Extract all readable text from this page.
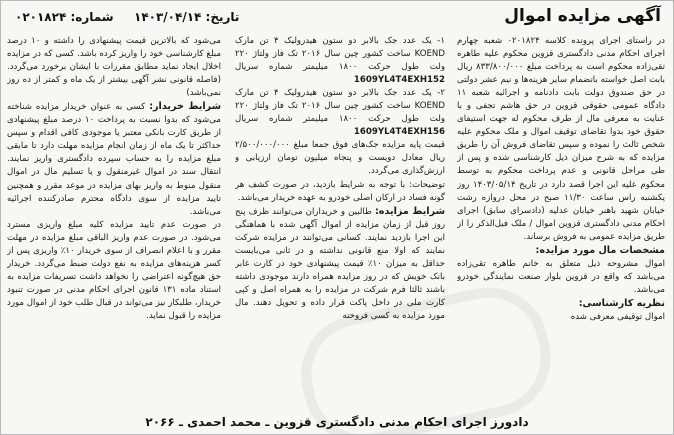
آگهی مزایده اموال
تاریخ: ۱۴۰۳/۰۴/۱۴  شماره: ۰۲۰۱۸۲۴

در راستای اجرای پرونده کلاسه ۰۲۰۱۸۲۴ شعبه چهارم اجرای احکام مدنی دادگستری قزوین محکوم علیه طاهره تقی‌زاده محکوم است به پرداخت مبلغ ۸۳۳/۸۰۰/۰۰۰ ریال بابت اصل خواسته باتضمام سایر هزینه‌ها و نیم عشر دولتی در حق صندوق دولت بابت دادنامه و اجرائیه شعبه ۱۱ دادگاه عمومی حقوقی قزوین در حق هاشم تجفی و با عنایت به معرفی مال از طرف محکوم له جهت استیفای حقوق خود بدوا تقاضای توقیف اموال و ملک محکوم علیه شخص ثالث را نموده و سپس تقاضای فروش آن را طریق مزایده که به شرح میزان ذیل کارشناسی شده و پس از طی مراحل قانونی و عدم پرداخت محکوم به توسط محکوم علیه این اجرا قصد دارد در تاریخ ۱۴۰۳/۰۵/۱۴ روز یکشنبه راس ساعت ۱۱/۳۰ صبح در محل دروازه رشت خیابان شهید باهنر خیابان عدلیه (دادسرای سابق) اجرای احکام مدنی دادگستری قزوین اموال / ملک فیل‌الذکر را از طریق مزایده عمومی به فروش برساند.

مشخصات مال مورد مزایده:

اموال مشروحه ذیل متعلق به خانم طاهره تقی‌زاده می‌باشد که واقع در قزوین بلوار صنعت نمایندگی خودرو می‌باشد.

نظریه کارشناسی:

اموال توقیفی معرفی شده

۱- یک عدد جک بالابر دو ستون هیدرولیک ۴ تن مارک KOEND ساخت کشور چین سال ۲۰۱۶ تک فاز ولتاژ ۲۲۰ ولت طول حرکت ۱۸۰۰ میلیمتر شماره سریال 1609YL4T4EXH152

۲- یک عدد جک بالابر دو ستون هیدرولیک ۴ تن مارک KOEND ساخت کشور چین سال ۲۰۱۶ تک فاز ولتاژ ۲۲۰ ولت طول حرکت ۱۸۰۰ میلیمتر شماره سریال 1609YL4T4EXH156

قیمت پایه مزایده جک‌های فوق جمعا مبلغ ۲/۵۰۰/۰۰۰/۰۰۰ ریال معادل دویست و پنجاه میلیون تومان ارزیابی و ارزش‌گذاری می‌گردد.

توضیحات: با توجه به شرایط بازدید، در صورت کشف هر گونه فساد در ارکان اصلی خودرو به عهده خریدار می‌باشد.

شرایط مزایده: طالبین و خریداران می‌توانند ظرف پنج روز قبل از زمان مزایده از اموال آگهی شده با هماهنگی این اجرا بازدید نمایند. کسانی می‌توانند در مزایده شرکت نمایند که اولا منع قانونی نداشته و در ثانی می‌بایست حداقل به میزان ۱۰٪ قیمت پیشنهادی خود در کارت غابر بانک خویش که در روز مزایده همراه دارند موجودی داشته باشند ثالثا فرم شرکت در مزایده را به همراه اصل و کپی کارت ملی در داخل پاکت قرار داده و تحویل دهند. مال مورد مزایده به کسی فروخته

می‌شود که بالاترین قیمت پیشنهادی را داشته و ۱۰ درصد مبلغ کارشناسی خود را واریز کرده باشد. کسی که در مزایده اخلال ایجاد نماید مطابق مقررات با ایشان برخورد می‌گردد. (فاصله قانونی نشر آگهی بیشتر از یک ماه و کمتر از ده روز نمی‌باشد)

شرایط خریدار: کسی به عنوان خریدار مزایده شناخته می‌شود که بدوا نسبت به پرداخت ۱۰ درصد مبلغ پیشنهادی از طریق کارت بانکی معتبر یا موجودی کافی اقدام و سپس حداکثر تا یک ماه از زمان انجام مزایده مهلت دارد تا مابقی مبلغ مزایده را به حساب سپرده دادگستری واریز نمایند. انتقال سند در اموال غیرمنقول و یا تسلیم مال در اموال منقول منوط به واریز بهای مزایده در موعد مقرر و همچنین تایید مزایده از سوی دادگاه محترم صادرکننده اجرائیه می‌باشد.

در صورت عدم تایید مزایده کلیه مبلغ واریزی مسترد می‌شود. در صورت عدم واریز الباقی مبلغ مزایده در مهلت مقرر و با اعلام انصراف از سوی خریدار ۱۰٪ واریزی پس از کسر هزینه‌های مزایده به نفع دولت ضبط می‌گردد. خریدار حق هیچ‌گونه اعتراضی را نخواهد داشت تسریفات مزایده به استناد ماده ۱۳۱ قانون اجرای احکام مدنی در صورت تنبود خریدار، طلبکار نیز می‌تواند در قبال طلب خود از اموال مورد مزایده را قبول نماید.

دادورز اجرای احکام مدنی دادگستری قزوین ـ محمد احمدی ـ ۲۰۶۶
